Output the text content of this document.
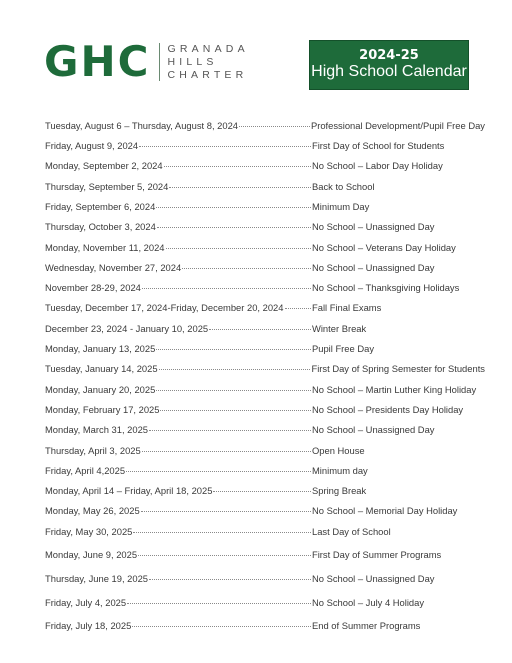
GHC GRANADA
HILLS
CHARTER
2024-25
High School Calendar
Tuesday, August 6 – Thursday, August 8, 2024	Professional Development/Pupil Free Day
Friday, August 9, 2024	First Day of School for Students
Monday, September 2, 2024	No School – Labor Day Holiday
Thursday, September 5, 2024	Back to School
Friday, September 6, 2024	Minimum Day
Thursday, October 3, 2024	No School – Unassigned Day
Monday, November 11, 2024	No School – Veterans Day Holiday
Wednesday, November 27, 2024	No School – Unassigned Day
November 28-29, 2024	No School – Thanksgiving Holidays
Tuesday, December 17, 2024-Friday, December 20, 2024	Fall Final Exams
December 23, 2024 - January 10, 2025	Winter Break
Monday, January 13, 2025	Pupil Free Day
Tuesday, January 14, 2025	First Day of Spring Semester for Students
Monday, January 20, 2025	No School – Martin Luther King Holiday
Monday, February 17, 2025	No School – Presidents Day Holiday
Monday, March 31, 2025	No School – Unassigned Day
Thursday, April 3, 2025	Open House
Friday, April 4,2025	Minimum day
Monday, April 14 – Friday, April 18, 2025	Spring Break
Monday, May 26, 2025	No School – Memorial Day Holiday
Friday, May 30, 2025	Last Day of School
Monday, June 9, 2025	First Day of Summer Programs
Thursday, June 19, 2025	No School – Unassigned Day
Friday, July 4, 2025	No School – July 4 Holiday
Friday, July 18, 2025	End of Summer Programs
